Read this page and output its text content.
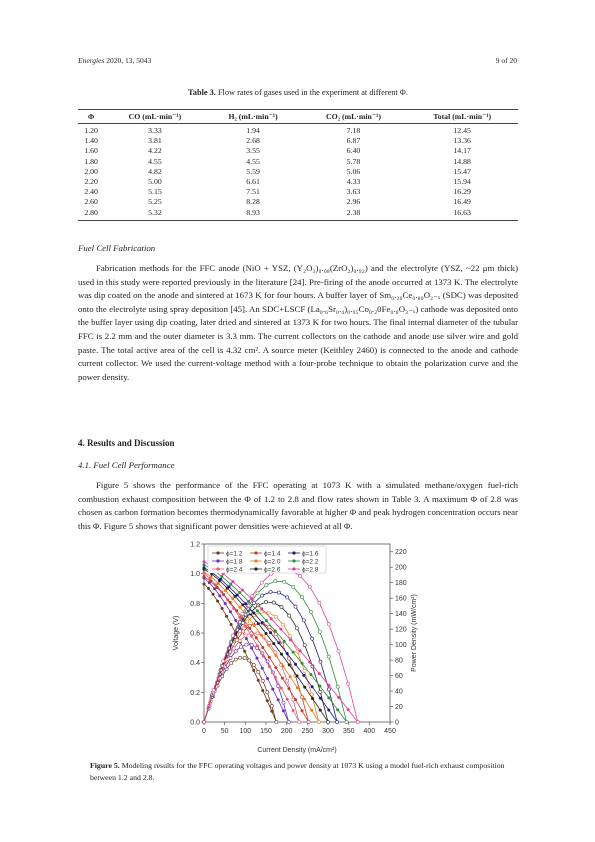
Energies 2020, 13, 5043	9 of 20
Table 3. Flow rates of gases used in the experiment at different Φ.
Φ	CO (mL·min⁻¹)	H₂ (mL·min⁻¹)	CO₂ (mL·min⁻¹)	Total (mL·min⁻¹)
1.20	3.33	1.94	7.18	12.45
1.40	3.81	2.68	6.87	13.36
1.60	4.22	3.55	6.40	14.17
1.80	4.55	4.55	5.78	14.88
2.00	4.82	5.59	5.06	15.47
2.20	5.00	6.61	4.33	15.94
2.40	5.15	7.51	3.63	16.29
2.60	5.25	8.28	2.96	16.49
2.80	5.32	8.93	2.38	16.63
Fuel Cell Fabrication

Fabrication methods for the FFC anode (NiO + YSZ, (Y₂O₃)₀.₀₈(ZrO₂)₀.₉₂) and the electrolyte (YSZ, ~22 μm thick) used in this study were reported previously in the literature [24]. Pre-firing of the anode occurred at 1373 K. The electrolyte was dip coated on the anode and sintered at 1673 K for four hours. A buffer layer of Sm₀.₂₀Ce₀.₈₀O₂₋ₓ (SDC) was deposited onto the electrolyte using spray deposition [45]. An SDC+LSCF (La₀.₆Sr₀.₄)₀.₉₅Co₀.₂0Fe₀.₈O₃₋ₓ) cathode was deposited onto the buffer layer using dip coating, later dried and sintered at 1373 K for two hours. The final internal diameter of the tubular FFC is 2.2 mm and the outer diameter is 3.3 mm. The current collectors on the cathode and anode use silver wire and gold paste. The total active area of the cell is 4.32 cm². A source meter (Keithley 2460) is connected to the anode and cathode current collector. We used the current-voltage method with a four-probe technique to obtain the polarization curve and the power density.

4. Results and Discussion
4.1. Fuel Cell Performance

Figure 5 shows the performance of the FFC operating at 1073 K with a simulated methane/oxygen fuel-rich combustion exhaust composition between the Φ of 1.2 to 2.8 and flow rates shown in Table 3. A maximum Φ of 2.8 was chosen as carbon formation becomes thermodynamically favorable at higher Φ and peak hydrogen concentration occurs near this Φ. Figure 5 shows that significant power densities were achieved at all Φ.

0 50 100 150 200 250 300 350 400 450
0.0
0.2
0.4
0.6
0.8
1.0
1.2
0
20
40
60
80
100
120
140
160
180
200
220
ϕ=1.2
ϕ=1.8
ϕ=2.4
ϕ=1.4
ϕ=2.0
ϕ=2.6
ϕ=1.6
ϕ=2.2
ϕ=2.8
Current Density (mA/cm²)
Voltage (V)	Power Density (mW/cm²)
Figure 5. Modeling results for the FFC operating voltages and power density at 1073 K using a model fuel-rich exhaust composition between 1.2 and 2.8.
